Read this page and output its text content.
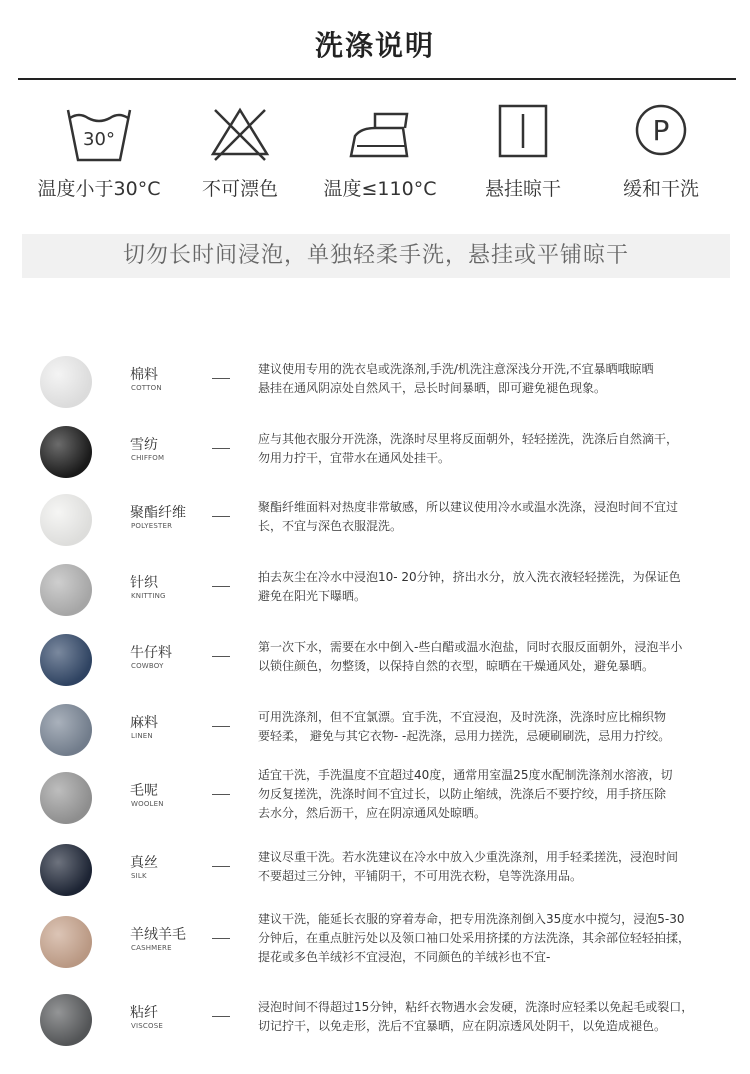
洗涤说明
30°
温度小于30°C	不可漂色	温度≤110°C	悬挂晾干
P
缓和干洗
切勿长时间浸泡，单独轻柔手洗，悬挂或平铺晾干
棉料
COTTON
建议使用专用的洗衣皂或洗涤剂,手洗/机洗注意深浅分开洗,不宜暴晒哦晾晒
悬挂在通风阴凉处自然风干，忌长时间暴晒，即可避免褪色现象。
雪纺
CHIFFOM
应与其他衣服分开洗涤，洗涤时尽里将反面朝外，轻轻搓洗，洗涤后自然滴干，
勿用力拧干，宜带水在通风处挂干。
聚酯纤维
POLYESTER
聚酯纤维面料对热度非常敏感，所以建议使用冷水或温水洗涤，浸泡时间不宜过
长，不宜与深色衣服混洗。
针织
KNITTING
拍去灰尘在冷水中浸泡10- 20分钟，挤出水分，放入洗衣液轻轻搓洗，为保证色
避免在阳光下曝晒。
牛仔料
COWBOY
第一次下水，需要在水中倒入-些白醋或温水泡盐，同时衣服反面朝外，浸泡半小
以锁住颜色，勿整烫，以保持自然的衣型，晾晒在干燥通风处，避免暴晒。
麻料
LINEN
可用洗涤剂，但不宜氯漂。宜手洗，不宜浸泡，及时洗涤，洗涤时应比棉织物
要轻柔， 避免与其它衣物- -起洗涤，忌用力搓洗，忌硬刷刷洗，忌用力拧绞。
毛呢
WOOLEN
适宜干洗，手洗温度不宜超过40度，通常用室温25度水配制洗涤剂水溶液，切
勿反复搓洗，洗涤时间不宜过长，以防止缩绒，洗涤后不要拧绞，用手挤压除
去水分，然后沥干，应在阴凉通风处晾晒。
真丝
SILK
建议尽重干洗。若水洗建议在冷水中放入少重洗涤剂，用手轻柔搓洗，浸泡时间
不要超过三分钟，平铺阴干，不可用洗衣粉，皂等洗涤用品。
羊绒羊毛
CASHMERE
建议干洗，能延长衣服的穿着寿命，把专用洗涤剂倒入35度水中搅匀，浸泡5-30
分钟后，在重点脏污处以及领口袖口处采用挤揉的方法洗涤，其余部位轻轻拍揉，
提花或多色羊绒衫不宜浸泡，不同颜色的羊绒衫也不宜-
粘纤
VISCOSE
浸泡时间不得超过15分钟，粘纤衣物遇水会发硬，洗涤时应轻柔以免起毛或裂口，
切记拧干，以免走形，洗后不宜暴晒，应在阴凉透风处阴干，以免造成褪色。
